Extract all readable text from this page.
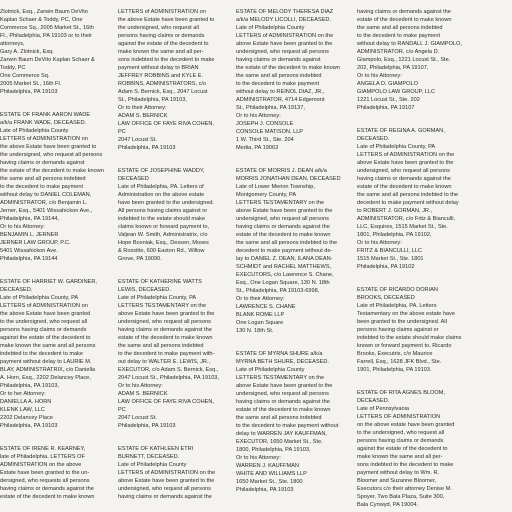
Zlotnick, Esq., Zarwin Baum DeVito
Kaplan Schaer & Toddy, PC, One
Commerce Sq., 2005 Market St., 16th
Fl., Philadelphia, PA 19103 or to their
attorneys,
Gary A. Zlotnick, Esq.
Zarwin Baum DeVito Kaplan Schaer &
Toddy, PC
One Commerce Sq.
2005 Market St., 16th Fl.
Philadelphia, PA 19103

ESTATE OF FRANK AARON WADE
a/k/a FRANK WADE, DECEASED.
Late of Philadelphia County
LETTERS of ADMINISTRATION on
the above Estate have been granted to
the undersigned, who request all persons
having claims or demands against
the estate of the decedent to make known
the same and all persons indebted
to the decedent to make payment
without delay to DANIEL COLEMAN,
ADMINISTRATOR, c/o Benjamin L.
Jerner, Esq., 5401 Wissahickon Ave.,
Philadelphia, PA 19144,
Or to his Attorney:
BENJAMIN L. JERNER
JERNER LAW GROUP, P.C.
5401 Wissahickon Ave.
Philadelphia, PA 19144

ESTATE OF HARRIET W. GARDINER,
DECEASED.
Late of Philadelphia County, PA
LETTERS of ADMINISTRATION on
the above Estate have been granted
to the undersigned, who request all
persons having claims or demands
against the estate of the decedent to
make known the same and all persons
indebted to the decedent to make
payment without delay to LAURIE M.
BLAY, ADMINISTRATRIX, c/o Daniella
A. Horn, Esq., 2202 Delancey Place,
Philadelphia, PA 19103,
Or to her Attorney:
DANIELLA A. HORN
KLENK LAW, LLC
2202 Delancey Place
Philadelphia, PA 19103

ESTATE OF IRENE R. KEARNEY,
late of Philadelphia. LETTERS OF
ADMINISTRATION on the above
Estate have been granted to the un-
dersigned, who requests all persons
having claims or demands against the
estate of the decedent to make known

LETTERS of ADMINISTRATION on
the above Estate have been granted to
the undersigned, who request all
persons having claims or demands
against the estate of the decedent to
make known the same and all per-
sons indebted to the decedent to make
payment without delay to BRIAN
JEFFREY ROBBINS and KYLE E.
ROBBINS, ADMINISTRATORS, c/o
Adam S. Bernick, Esq., 2047 Locust
St., Philadelphia, PA 19103,
Or to their Attorney:
ADAM S. BERNICK
LAW OFFICE OF FAYE RIVA COHEN,
PC
2047 Locust St.
Philadelphia, PA 19103

ESTATE OF JOSEPHINE WADDY,
DECEASED
Late of Philadelphia, PA. Letters of
Administration on the above estate
have been granted to the undersigned.
All persons having claims against or
indebted to the estate should make
claims known or forward payment to,
Valjean W. Smith, Administratrix, c/o
Hope Bosniak, Esq., Dessen, Moses
& Rossitto, 600 Easton Rd., Willow
Grove, PA 19090.

ESTATE OF KATHERINE WATTS
LEWIS, DECEASED.
Late of Philadelphia County, PA
LETTERS TESTAMENTARY on the
above Estate have been granted to the
undersigned, who request all persons
having claims or demands against the
estate of the decedent to make known
the same and all persons indebted
to the decedent to make payment with-
out delay to WALTER E. LEWIS, JR.,
EXECUTOR, c/o Adam S. Bernick, Esq.,
2047 Locust St., Philadelphia, PA 19103,
Or to his Attorney:
ADAM S. BERNICK
LAW OFFICE OF FAYE RIVA COHEN,
PC
2047 Locust St.
Philadelphia, PA 19103

ESTATE OF KATHLEEN ETRI
BURNETT, DECEASED.
Late of Philadelphia County
LETTERS of ADMINISTRATION on the
above Estate have been granted to the
undersigned, who request all persons
having claims or demands against the

ESTATE OF MELODY THERESA DIAZ
a/k/a MELODY LICOLLI, DECEASED.
Late of Philadelphia County
LETTERS of ADMINISTRATION on the
above Estate have been granted to the
undersigned, who request all persons
having claims or demands against
the estate of the decedent to make known
the same and all persons indebted
to the decedent to make payment
without delay to REINOL DIAZ, JR.,
ADMINISTRATOR, 4714 Edgemont
St., Philadelphia, PA 19137,
Or to his Attorney:
JOSEPH J. CONSOLE
CONSOLE MATISON, LLP
1 W. Third St., Ste. 204
Media, PA 19063

ESTATE OF MORRIS J. DEAN a/k/a
MORRIS JONATHAN DEAN, DECEASED
Late of Lower Merion Township,
Montgomery County, PA
LETTERS TESTAMENTARY on the
above Estate have been granted to the
undersigned, who request all persons
having claims or demands against the
estate of the decedent to make known
the same and all persons indebted to the
decedent to make payment without de-
lay to DANIEL Z. DEAN, ILANA DEAN-
SCHMIDT and RACHEL MATTHEWS,
EXECUTORS, c/o Lawrence S. Chane,
Esq., One Logan Square, 130 N. 18th
St., Philadelphia, PA 19103-6998,
Or to their Attorney:
LAWRENCE S. CHANE
BLANK ROME LLP
One Logan Square
130 N. 18th St.

ESTATE OF MYRNA SHURE a/k/a
MYRNA BETH SHURE, DECEASED.
Late of Philadelphia County
LETTERS TESTAMENTARY on the
above Estate have been granted to the
undersigned, who request all persons
having claims or demands against the
estate of the decedent to make known
the same and all persons indebted
to the decedent to make payment without
delay to WARREN JAY KAUFFMAN,
EXECUTOR, 1650 Market St., Ste.
1800, Philadelphia, PA 19103,
Or to his Attorney:
WARREN J. KAUFFMAN
WHITE AND WILLIAMS LLP
1650 Market St., Ste. 1800
Philadelphia, PA 19103

having claims or demands against the
estate of the decedent to make known
the same and all persons indebted
to the decedent to make payment
without delay to RANDALL J. GIAMPOLO,
ADMINISTRATOR, c/o Angela D.
Giampolo, Esq., 1221 Locust St., Ste.
202, Philadelphia, PA 19107,
Or to his Attorney:
ANGELA D. GIAMPOLO
GIAMPOLO LAW GROUP, LLC
1221 Locust St., Ste. 202
Philadelphia, PA 19107

ESTATE OF REGINA A. GORMAN,
DECEASED.
Late of Philadelphia County, PA
LETTERS of ADMINISTRATION on the
above Estate have been granted to the
undersigned, who request all persons
having claims or demands against the
estate of the decedent to make known
the same and all persons indebted to the
decedent to make payment without delay
to ROBERT J. GORMAN, JR.,
ADMINISTRATOR, c/o Fritz & Bianculli,
LLC, Esquires, 1515 Market St., Ste.
1801, Philadelphia, PA 19102,
Or to his Attorney:
FRITZ & BIANCULLI, LLC
1515 Market St., Ste. 1801
Philadelphia, PA 19102

ESTATE OF RICARDO DORIAN
BROOKS, DECEASED
Late of Philadelphia, PA. Letters
Testamentary on the above estate have
been granted to the undersigned. All
persons having claims against or
indebted to the estate should make claims
known or forward payment to, Ricardo
Brooks, Executrix, c/o Maurice
Farrell, Esq., 1628 JFK Blvd., Ste.
1901, Philadelphia, PA 19103.

ESTATE OF RITA AGNES BLOOM,
DECEASED.
Late of Pennsylvania
LETTERS OF ADMINISTRATION
on the above estate have been granted
to the undersigned, who request all
persons having claims or demands
against the estate of the decedent to
make known the same and all per-
sons indebted to the decedent to make
payment without delay to Wm. R.
Bloomer and Suzanne Bloomer,
Executors c/o their attorney Denise M.
Spoyer, Two Bala Plaza, Suite 300,
Bala Cynwyd, PA 19004.
